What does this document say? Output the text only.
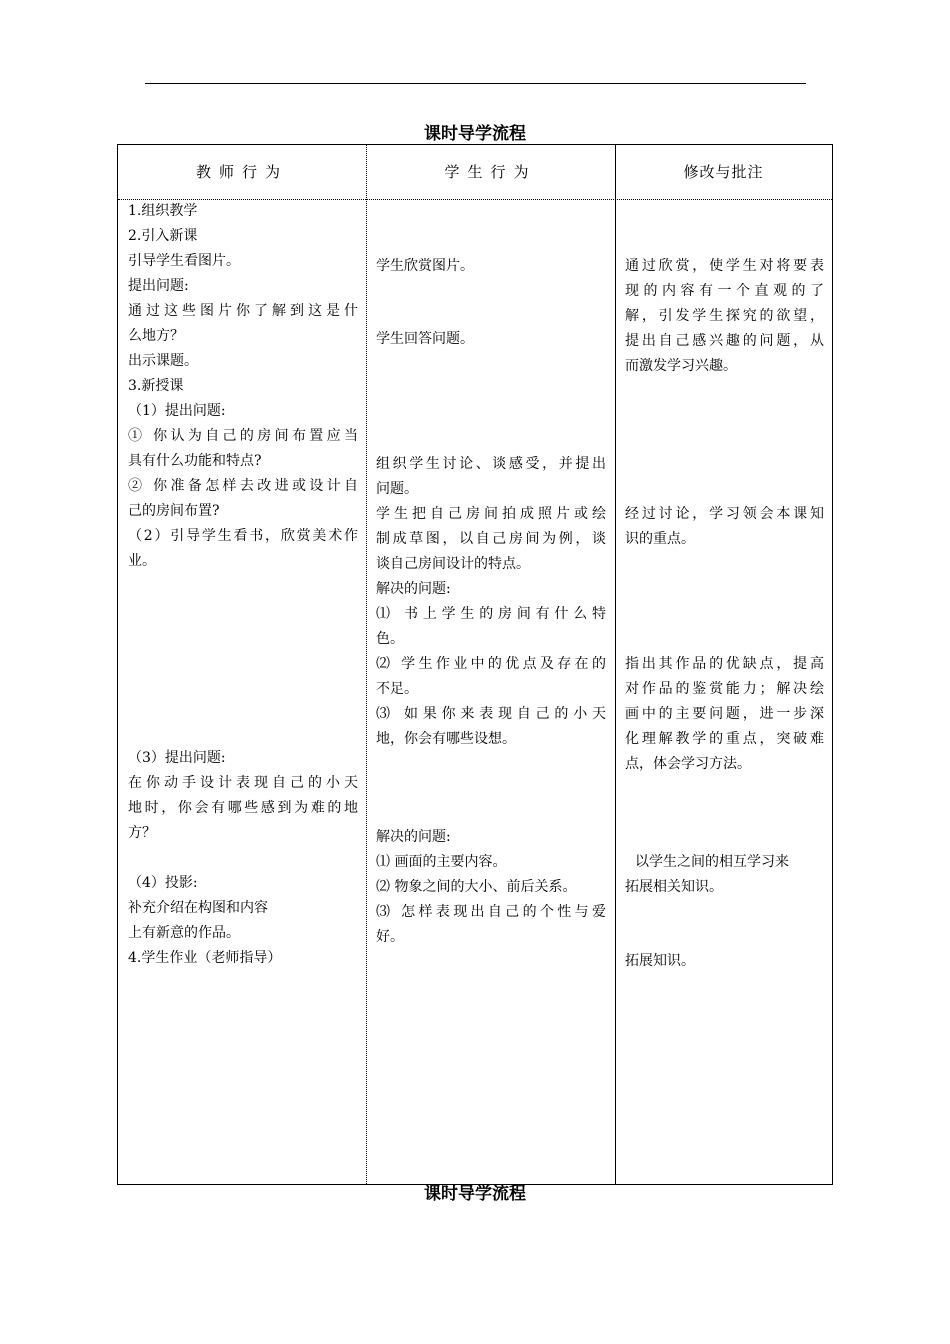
课时导学流程
教师行为	学生行为	修改与批注
1.组织教学
2.引入新课
引导学生看图片。
提出问题:
通过这些图片你了解到这是什
么地方？
出示课题。
3.新授课
（1）提出问题:
① 你认为自己的房间布置应当
具有什么功能和特点?
② 你准备怎样去改进或设计自
己的房间布置?
（2）引导学生看书，欣赏美术作
业。
（3）提出问题:
在你动手设计表现自己的小天
地时，你会有哪些感到为难的地
方？
（4）投影:
补充介绍在构图和内容
上有新意的作品。
4.学生作业（老师指导）
学生欣赏图片。
学生回答问题。
组织学生讨论、谈感受，并提出
问题。
学生把自己房间拍成照片或绘
制成草图，以自己房间为例，谈
谈自己房间设计的特点。
解决的问题:
⑴ 书上学生的房间有什么特
色。
⑵ 学生作业中的优点及存在的
不足。
⑶ 如果你来表现自己的小天
地，你会有哪些设想。
解决的问题:
⑴ 画面的主要内容。
⑵ 物象之间的大小、前后关系。
⑶ 怎样表现出自己的个性与爱
好。
通过欣赏，使学生对将要表
现的内容有一个直观的了
解，引发学生探究的欲望，
提出自己感兴趣的问题，从
而激发学习兴趣。
经过讨论，学习领会本课知
识的重点。
指出其作品的优缺点，提高
对作品的鉴赏能力；解决绘
画中的主要问题，进一步深
化理解教学的重点，突破难
点，体会学习方法。
以学生之间的相互学习来
拓展相关知识。
拓展知识。
课时导学流程
